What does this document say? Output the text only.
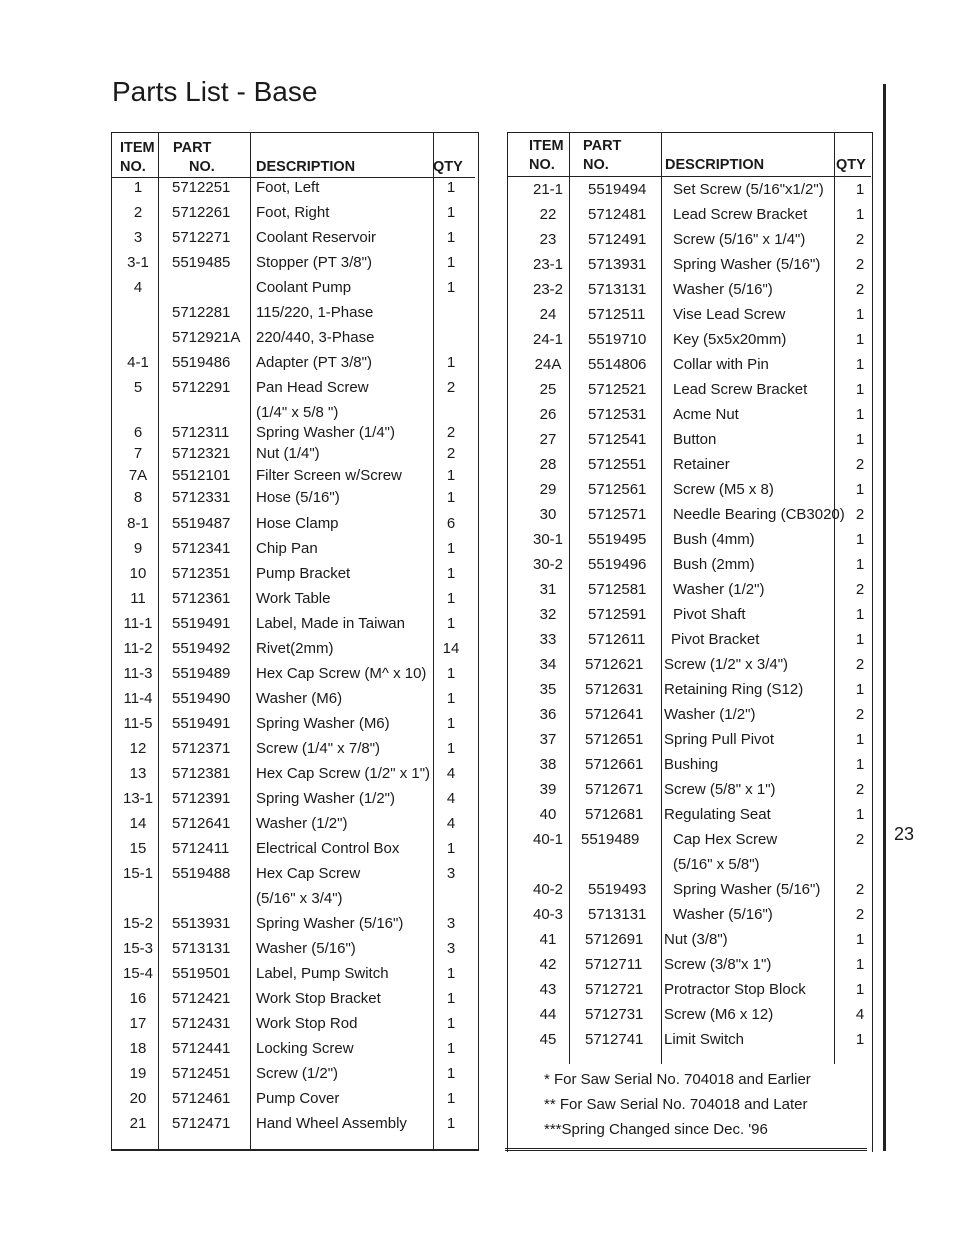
Parts List - Base
ITEM
NO.
PART
NO.	DESCRIPTION	QTY
1	5712251 Foot, Left	1
2	5712261 Foot, Right	1
3	5712271 Coolant Reservoir	1
3-1	5519485 Stopper (PT 3/8")	1
4	Coolant Pump	1
5712281 115/220, 1-Phase
5712921A 220/440, 3-Phase
4-1	5519486 Adapter (PT 3/8")	1
5	5712291 Pan Head Screw	2
(1/4" x 5/8 ")
6	5712311 Spring Washer (1/4")	2
7	5712321 Nut (1/4")	2
7A	5512101 Filter Screen w/Screw	1
8	5712331 Hose (5/16")	1
8-1	5519487 Hose Clamp	6
9	5712341 Chip Pan	1
10	5712351 Pump Bracket	1
11	5712361 Work Table	1
11-1	5519491 Label, Made in Taiwan	1
11-2	5519492 Rivet(2mm)	14
11-3	5519489 Hex Cap Screw (M^ x 10)	1
11-4	5519490 Washer (M6)	1
11-5	5519491 Spring Washer (M6)	1
12	5712371 Screw (1/4" x 7/8")	1
13	5712381 Hex Cap Screw (1/2" x 1")	4
13-1	5712391 Spring Washer (1/2")	4
14	5712641 Washer (1/2")	4
15	5712411 Electrical Control Box	1
15-1	5519488 Hex Cap Screw	3
(5/16" x 3/4")
15-2	5513931 Spring Washer (5/16")	3
15-3	5713131 Washer (5/16")	3
15-4	5519501 Label, Pump Switch	1
16	5712421 Work Stop Bracket	1
17	5712431 Work Stop Rod	1
18	5712441 Locking Screw	1
19	5712451 Screw (1/2")	1
20	5712461 Pump Cover	1
21	5712471 Hand Wheel Assembly	1
ITEM
NO.
PART
NO.	DESCRIPTION	QTY
21-1	5519494 Set Screw (5/16"x1/2")	1
22	5712481 Lead Screw Bracket	1
23	5712491 Screw (5/16" x 1/4")	2
23-1	5713931 Spring Washer (5/16")	2
23-2	5713131 Washer (5/16")	2
24	5712511 Vise Lead Screw	1
24-1	5519710 Key (5x5x20mm)	1
24A	5514806 Collar with Pin	1
25	5712521 Lead Screw Bracket	1
26	5712531 Acme Nut	1
27	5712541 Button	1
28	5712551 Retainer	2
29	5712561 Screw (M5 x 8)	1
30	5712571 Needle Bearing (CB3020) 2
30-1	5519495 Bush (4mm)	1
30-2	5519496 Bush (2mm)	1
31	5712581 Washer (1/2")	2
32	5712591 Pivot Shaft	1
33	5712611 Pivot Bracket	1
34	5712621 Screw (1/2" x 3/4")	2
35	5712631 Retaining Ring (S12)	1
36	5712641 Washer (1/2")	2
37	5712651 Spring Pull Pivot	1
38	5712661 Bushing	1
39	5712671 Screw (5/8" x 1")	2
40	5712681 Regulating Seat	1
40-1	5519489 Cap Hex Screw	2
(5/16" x 5/8")
40-2	5519493 Spring Washer (5/16")	2
40-3	5713131 Washer (5/16")	2
41	5712691 Nut (3/8")	1
42	5712711 Screw (3/8"x 1")	1
43	5712721 Protractor Stop Block	1
44	5712731 Screw (M6 x 12)	4
45	5712741 Limit Switch	1
* For Saw Serial No. 704018 and Earlier
** For Saw Serial No. 704018 and Later
***Spring Changed since Dec. '96
23
